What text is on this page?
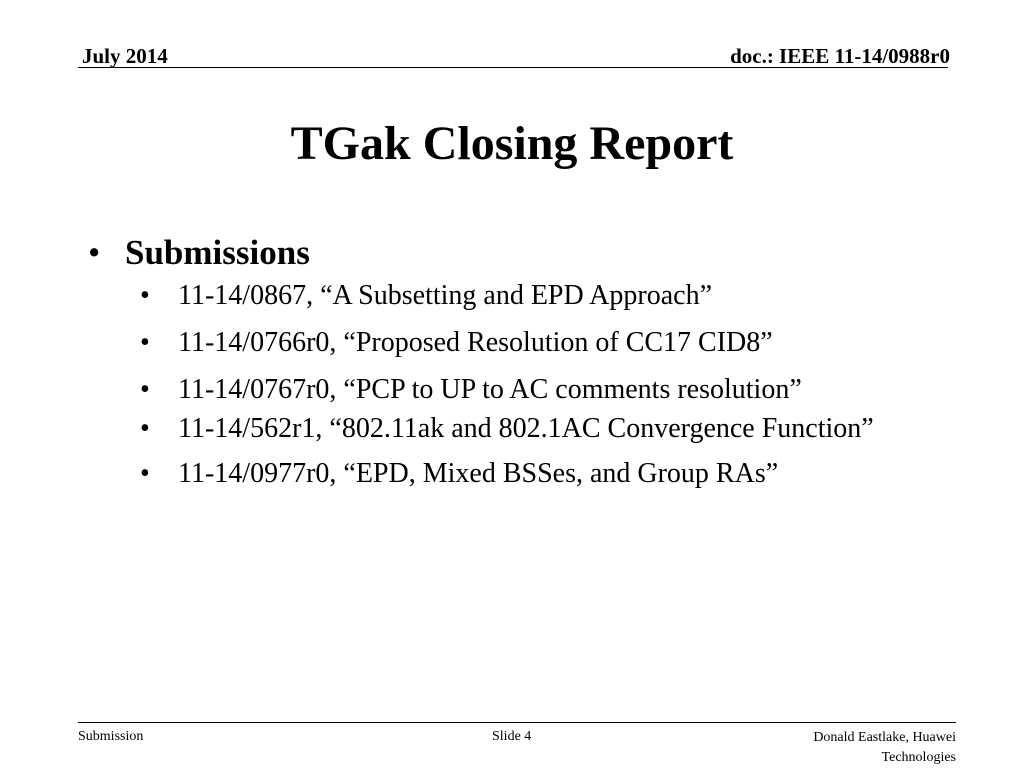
July 2014	doc.: IEEE 11-14/0988r0
TGak Closing Report
• Submissions
• 11-14/0867, “A Subsetting and EPD Approach”
• 11-14/0766r0, “Proposed Resolution of CC17 CID8”
• 11-14/0767r0, “PCP to UP to AC comments resolution”
• 11-14/562r1, “802.11ak and 802.1AC Convergence Function”
• 11-14/0977r0, “EPD, Mixed BSSes, and Group RAs”
Submission	Slide 4	Donald Eastlake, Huawei Technologies
